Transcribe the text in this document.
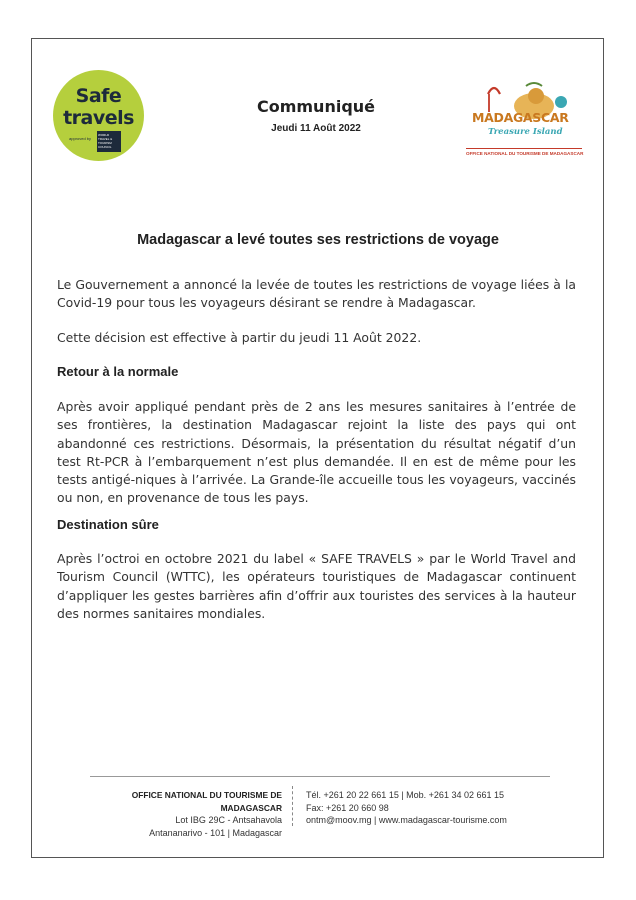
Safe
travels
approved by
WORLD TRAVEL & TOURISM COUNCIL
Communiqué
Jeudi 11 Août 2022
MADAGASCAR
Treasure Island
OFFICE NATIONAL DU TOURISME DE MADAGASCAR
Madagascar a levé toutes ses restrictions de voyage
Le Gouvernement a annoncé la levée de toutes les restrictions de voyage liées à la Covid-19 pour tous les voyageurs désirant se rendre à Madagascar.
Cette décision est effective à partir du jeudi 11 Août 2022.
Retour à la normale
Après avoir appliqué pendant près de 2 ans les mesures sanitaires à l’entrée de ses frontières, la destination Madagascar rejoint la liste des pays qui ont abandonné ces restrictions. Désormais, la présentation du résultat négatif d’un test Rt-PCR à l’embarquement n’est plus demandée. Il en est de même pour les tests antigé-niques à l’arrivée. La Grande-île accueille tous les voyageurs, vaccinés ou non, en provenance de tous les pays.
Destination sûre
Après l’octroi en octobre 2021 du label « SAFE TRAVELS » par le World Travel and Tourism Council (WTTC), les opérateurs touristiques de Madagascar continuent d’appliquer les gestes barrières afin d’offrir aux touristes des services à la hauteur des normes sanitaires mondiales.
OFFICE NATIONAL DU TOURISME DE MADAGASCAR
Lot IBG 29C - Antsahavola
Antananarivo - 101 | Madagascar
Tél. +261 20 22 661 15 | Mob. +261 34 02 661 15
Fax: +261 20 660 98
ontm@moov.mg | www.madagascar-tourisme.com
